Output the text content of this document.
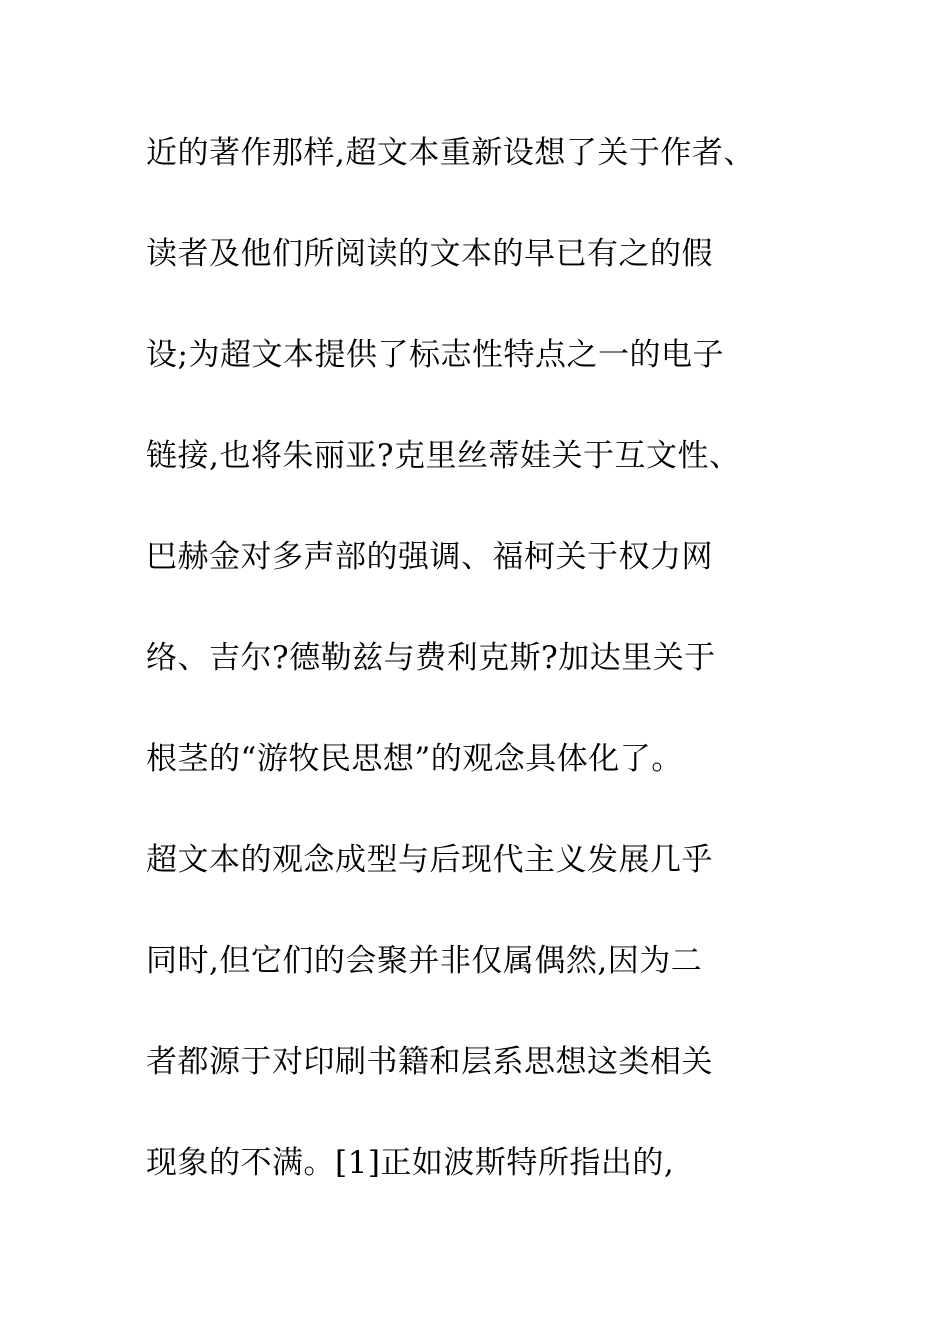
近的著作那样,超文本重新设想了关于作者、
读者及他们所阅读的文本的早已有之的假
设;为超文本提供了标志性特点之一的电子
链接,也将朱丽亚?克里丝蒂娃关于互文性、
巴赫金对多声部的强调、福柯关于权力网
络、吉尔?德勒兹与费利克斯?加达里关于
根茎的“游牧民思想”的观念具体化了。
超文本的观念成型与后现代主义发展几乎
同时,但它们的会聚并非仅属偶然,因为二
者都源于对印刷书籍和层系思想这类相关
现象的不满。[1]正如波斯特所指出的,
